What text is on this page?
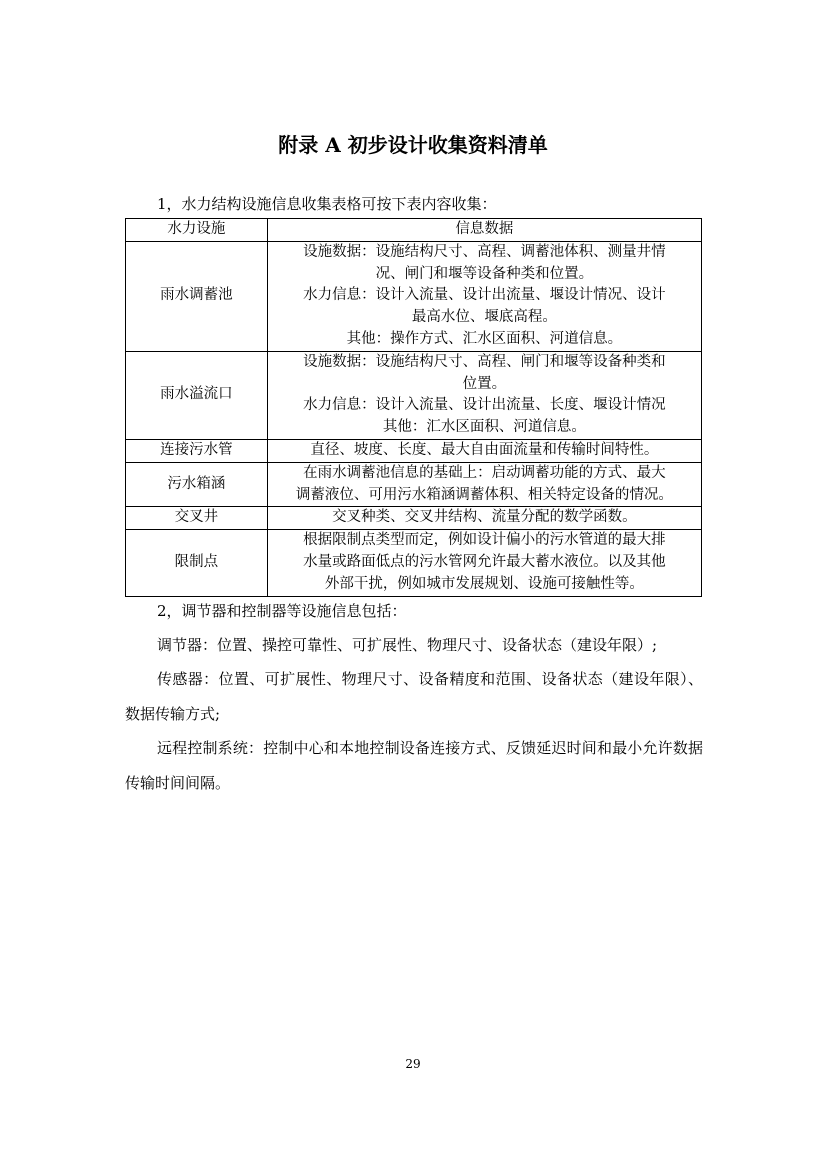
附录 A 初步设计收集资料清单
1，水力结构设施信息收集表格可按下表内容收集：
水力设施	信息数据
雨水调蓄池	设施数据：设施结构尺寸、高程、调蓄池体积、测量井情
况、闸门和堰等设备种类和位置。
水力信息：设计入流量、设计出流量、堰设计情况、设计
最高水位、堰底高程。
其他：操作方式、汇水区面积、河道信息。

雨水溢流口	设施数据：设施结构尺寸、高程、闸门和堰等设备种类和
位置。
水力信息：设计入流量、设计出流量、长度、堰设计情况
其他：汇水区面积、河道信息。

连接污水管	直径、坡度、长度、最大自由面流量和传输时间特性。

污水箱涵	在雨水调蓄池信息的基础上：启动调蓄功能的方式、最大
调蓄液位、可用污水箱涵调蓄体积、相关特定设备的情况。

交叉井	交叉种类、交叉井结构、流量分配的数学函数。

限制点	根据限制点类型而定，例如设计偏小的污水管道的最大排
水量或路面低点的污水管网允许最大蓄水液位。以及其他
外部干扰，例如城市发展规划、设施可接触性等。
2，调节器和控制器等设施信息包括：
调节器：位置、操控可靠性、可扩展性、物理尺寸、设备状态（建设年限）;
传感器：位置、可扩展性、物理尺寸、设备精度和范围、设备状态（建设年限）、数据传输方式;
远程控制系统：控制中心和本地控制设备连接方式、反馈延迟时间和最小允许数据传输时间间隔。
29
